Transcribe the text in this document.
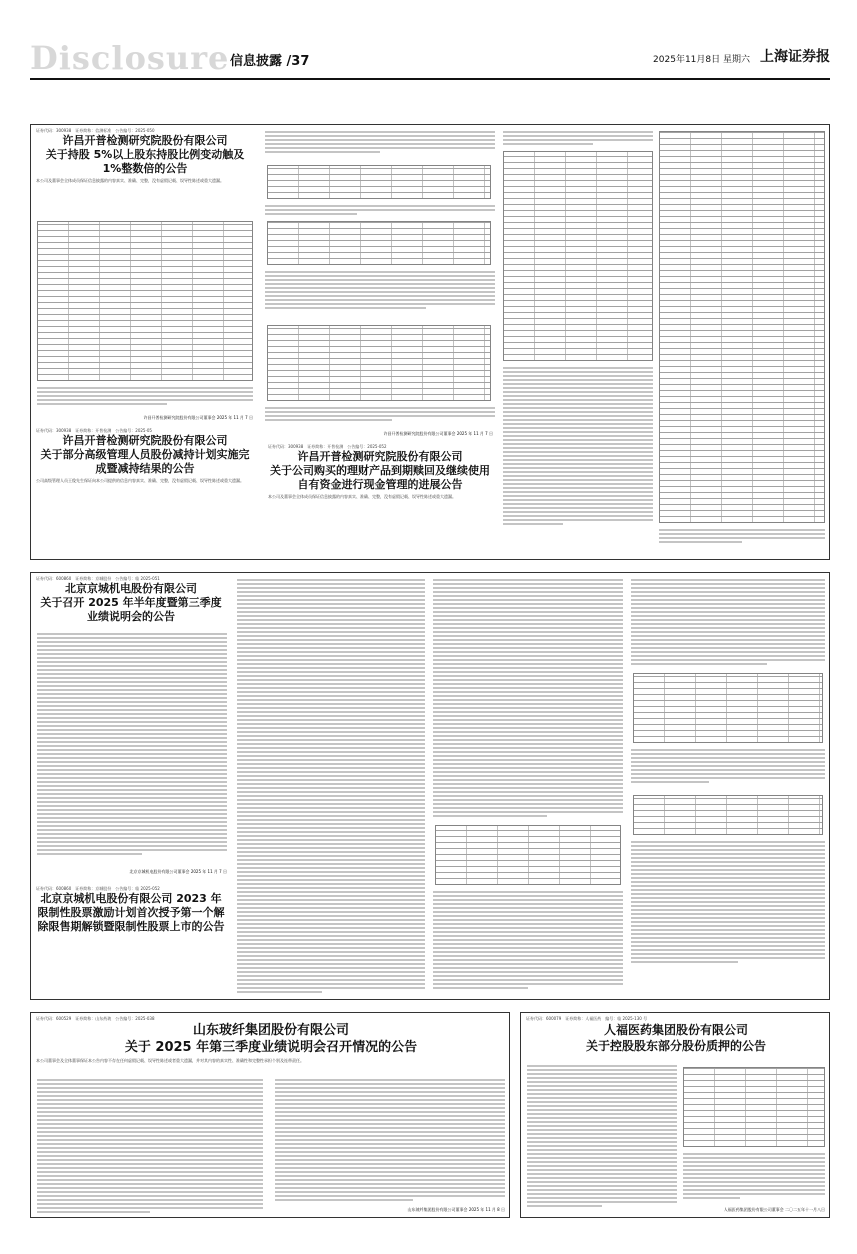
Disclosure 信息披露 /37	2025年11月8日 星期六 上海证券报
证券代码：300938　证券简称：信测标准　公告编号：2025-050
许昌开普检测研究院股份有限公司
关于持股 5%以上股东持股比例变动触及 1%整数倍的公告
本公司及董事会全体成员保证信息披露的内容真实、准确、完整，没有虚假记载、误导性陈述或重大遗漏。
许昌开普检测研究院股份有限公司董事会 2025 年 11 月 7 日
证券代码：300938　证券简称：开普检测　公告编号：2025-05
许昌开普检测研究院股份有限公司
关于部分高级管理人员股份减持计划实施完成暨减持结果的公告
公司高级管理人员王俊先生保证向本公司提供的信息内容真实、准确、完整，没有虚假记载、误导性陈述或重大遗漏。
许昌开普检测研究院股份有限公司董事会 2025 年 11 月 7 日
证券代码：300938　证券简称：开普检测　公告编号：2025-052
许昌开普检测研究院股份有限公司
关于公司购买的理财产品到期赎回及继续使用自有资金进行现金管理的进展公告
本公司及董事会全体成员保证信息披露的内容真实、准确、完整，没有虚假记载、误导性陈述或重大遗漏。
证券代码：600860　证券简称：京城股份　公告编号：临 2025-051
北京京城机电股份有限公司
关于召开 2025 年半年度暨第三季度业绩说明会的公告
北京京城机电股份有限公司董事会 2025 年 11 月 7 日
证券代码：600860　证券简称：京城股份　公告编号：临 2025-052
北京京城机电股份有限公司 2023 年
限制性股票激励计划首次授予第一个解除限售期解锁暨限制性股票上市的公告
证券代码：600529　证券简称：山东药玻　公告编号：2025-038
山东玻纤集团股份有限公司
关于 2025 年第三季度业绩说明会召开情况的公告
本公司董事会及全体董事保证本公告内容不存在任何虚假记载、误导性陈述或者重大遗漏，并对其内容的真实性、准确性和完整性承担个别及连带责任。
山东玻纤集团股份有限公司董事会 2025 年 11 月 8 日
证券代码：600079　证券简称：人福医药　编号：临 2025-130 号
人福医药集团股份有限公司
关于控股股东部分股份质押的公告
人福医药集团股份有限公司董事会 二〇二五年十一月八日
